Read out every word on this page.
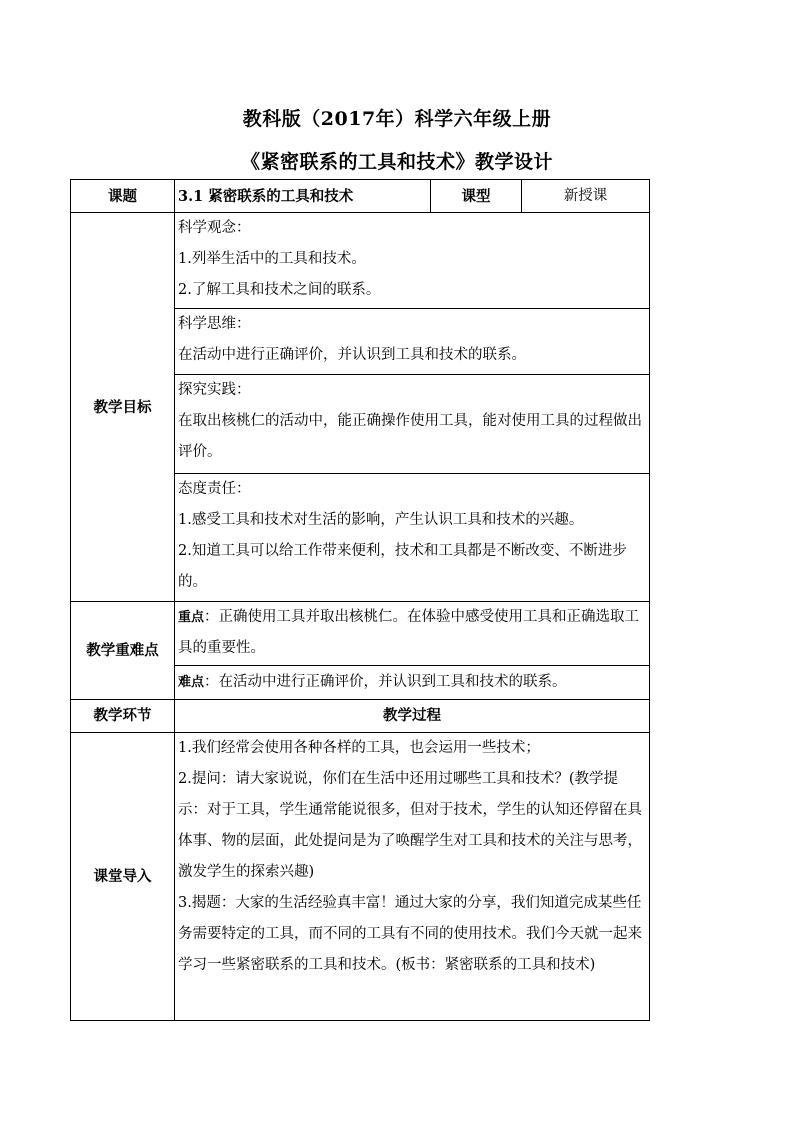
教科版（2017年）科学六年级上册
《紧密联系的工具和技术》教学设计
课题	3.1 紧密联系的工具和技术	课型	新授课
教学目标	科学观念：
1.列举生活中的工具和技术。
2.了解工具和技术之间的联系。		

	科学思维：
在活动中进行正确评价，并认识到工具和技术的联系。		

	探究实践：
在取出核桃仁的活动中，能正确操作使用工具，能对使用工具的过程做出评价。		

	态度责任：
1.感受工具和技术对生活的影响，产生认识工具和技术的兴趣。
2.知道工具可以给工作带来便利，技术和工具都是不断改变、不断进步的。		

教学重难点	重点：正确使用工具并取出核桃仁。在体验中感受使用工具和正确选取工具的重要性。		
	难点：在活动中进行正确评价，并认识到工具和技术的联系。		
教学环节	教学过程		
课堂导入	1.我们经常会使用各种各样的工具，也会运用一些技术；
2.提问：请大家说说，你们在生活中还用过哪些工具和技术？(教学提示：对于工具，学生通常能说很多，但对于技术，学生的认知还停留在具体事、物的层面，此处提问是为了唤醒学生对工具和技术的关注与思考，激发学生的探索兴趣)
3.揭题：大家的生活经验真丰富！通过大家的分享，我们知道完成某些任务需要特定的工具，而不同的工具有不同的使用技术。我们今天就一起来学习一些紧密联系的工具和技术。(板书：紧密联系的工具和技术)		
